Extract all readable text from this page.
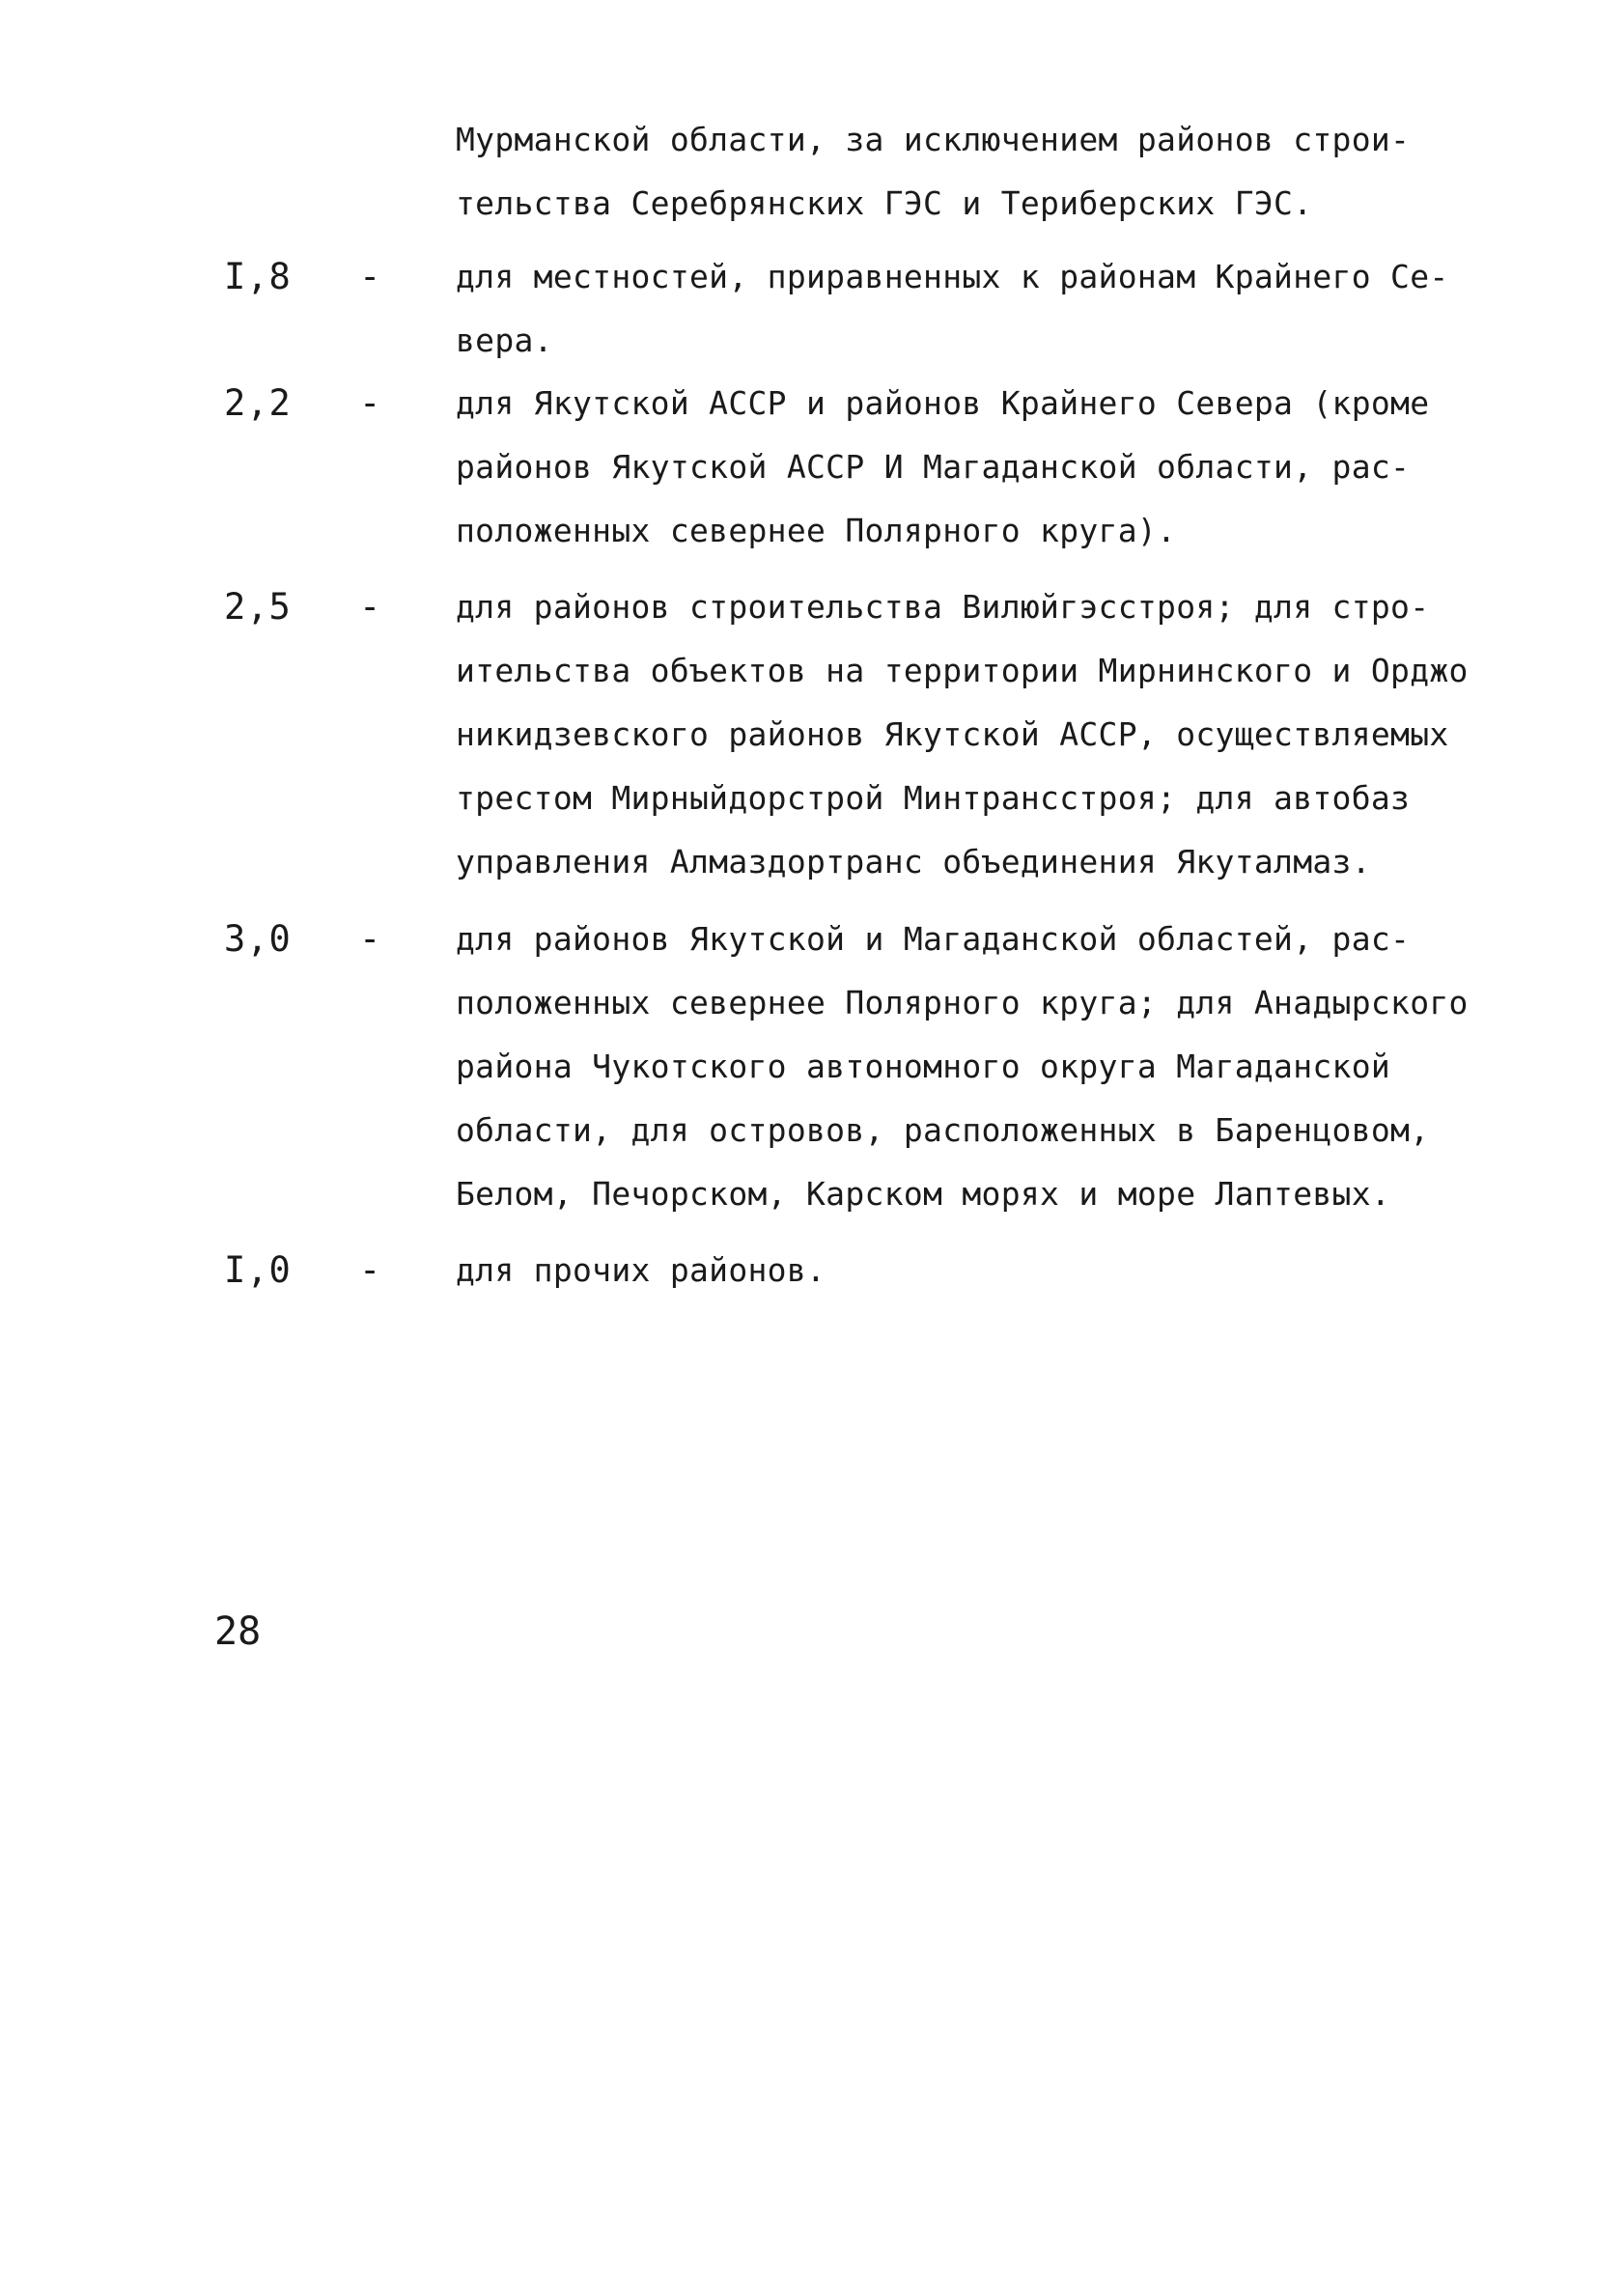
Мурманской области, за исключением районов строи-
тельства Серебрянских ГЭС и Териберских ГЭС.
I,8	-	для местностей, приравненных к районам Крайнего Се-
вера.
2,2	-	для Якутской АССР и районов Крайнего Севера (кроме
районов Якутской АССР И Магаданской области, рас-
положенных севернее Полярного круга).
2,5	-	для районов строительства Вилюйгэсстроя; для стро-
ительства объектов на территории Мирнинского и Орджо
никидзевского районов Якутской АССР, осуществляемых
трестом Мирныйдорстрой Минтрансстроя; для автобаз
управления Алмаздортранс объединения Якуталмаз.
3,0	-	для районов Якутской и Магаданской областей, рас-
положенных севернее Полярного круга; для Анадырского
района Чукотского автономного округа Магаданской
области, для островов, расположенных в Баренцовом,
Белом, Печорском, Карском морях и море Лаптевых.
I,0	-	для прочих районов.
28
